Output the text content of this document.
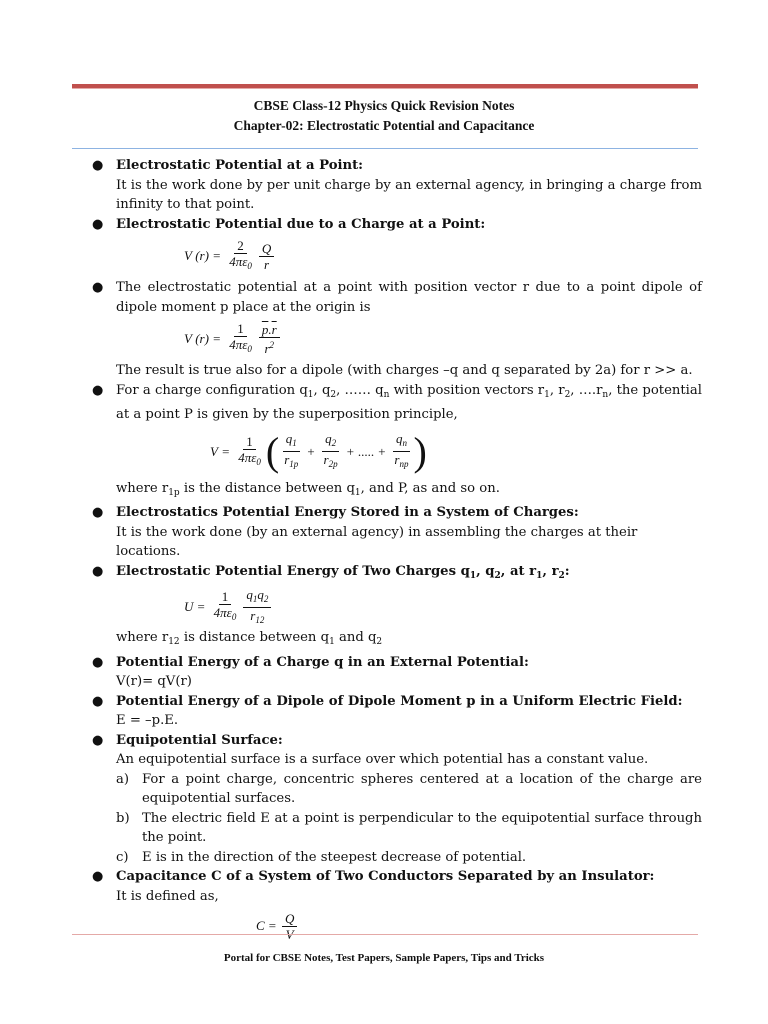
CBSE Class-12 Physics Quick Revision Notes
Chapter-02: Electrostatic Potential and Capacitance
● Electrostatic Potential at a Point:
It is the work done by per unit charge by an external agency, in bringing a charge from infinity to that point.
● Electrostatic Potential due to a Charge at a Point:
V ( r ) = $\frac{2}{4\pi\varepsilon_0} \frac{Q}{r}$
● The electrostatic potential at a point with position vector r due to a point dipole of dipole moment p place at the origin is
V ( r ) = $\frac{1}{4\pi\varepsilon_0} \frac{\overline{p}.\overline{r}}{r^2}$
The result is true also for a dipole (with charges –q and q separated by 2a) for r >> a.
● For a charge configuration $q_1$, $q_2$, …… $q_n$ with position vectors $r_1$, $r_2$, $\dots.r_n$, the potential at a point P is given by the superposition principle,
$V = \frac{1}{4\pi\varepsilon_0}$ ( $\frac{q_1}{r_{1p}} + \frac{q_2}{r_{2p}}$ + ..... + $\frac{q_n}{r_{np}}$ )
where $r_{1p}$ is the distance between $q_1$, and P, as and so on.
● Electrostatics Potential Energy Stored in a System of Charges:
It is the work done (by an external agency) in assembling the charges at their locations.
● Electrostatic Potential Energy of Two Charges $q_1$, $q_2$, at $r_1$, $r_2$:
$U = \frac{1}{4\pi\varepsilon_0} \frac{q_1q_2}{r_{12}}$
where $r_{12}$ is distance between $q_1$ and $q_2$
● Potential Energy of a Charge q in an External Potential:
V(r)= qV(r)
● Potential Energy of a Dipole of Dipole Moment p in a Uniform Electric Field:
E = –p.E.
● Equipotential Surface:
An equipotential surface is a surface over which potential has a constant value.
a) For a point charge, concentric spheres centered at a location of the charge are equipotential surfaces.
b) The electric field E at a point is perpendicular to the equipotential surface through the point.
c) E is in the direction of the steepest decrease of potential.
● Capacitance C of a System of Two Conductors Separated by an Insulator:
It is defined as,
C =
Q
Portal for CBSE Notes, Test Papers, Sample Papers, Tips and Tricks
